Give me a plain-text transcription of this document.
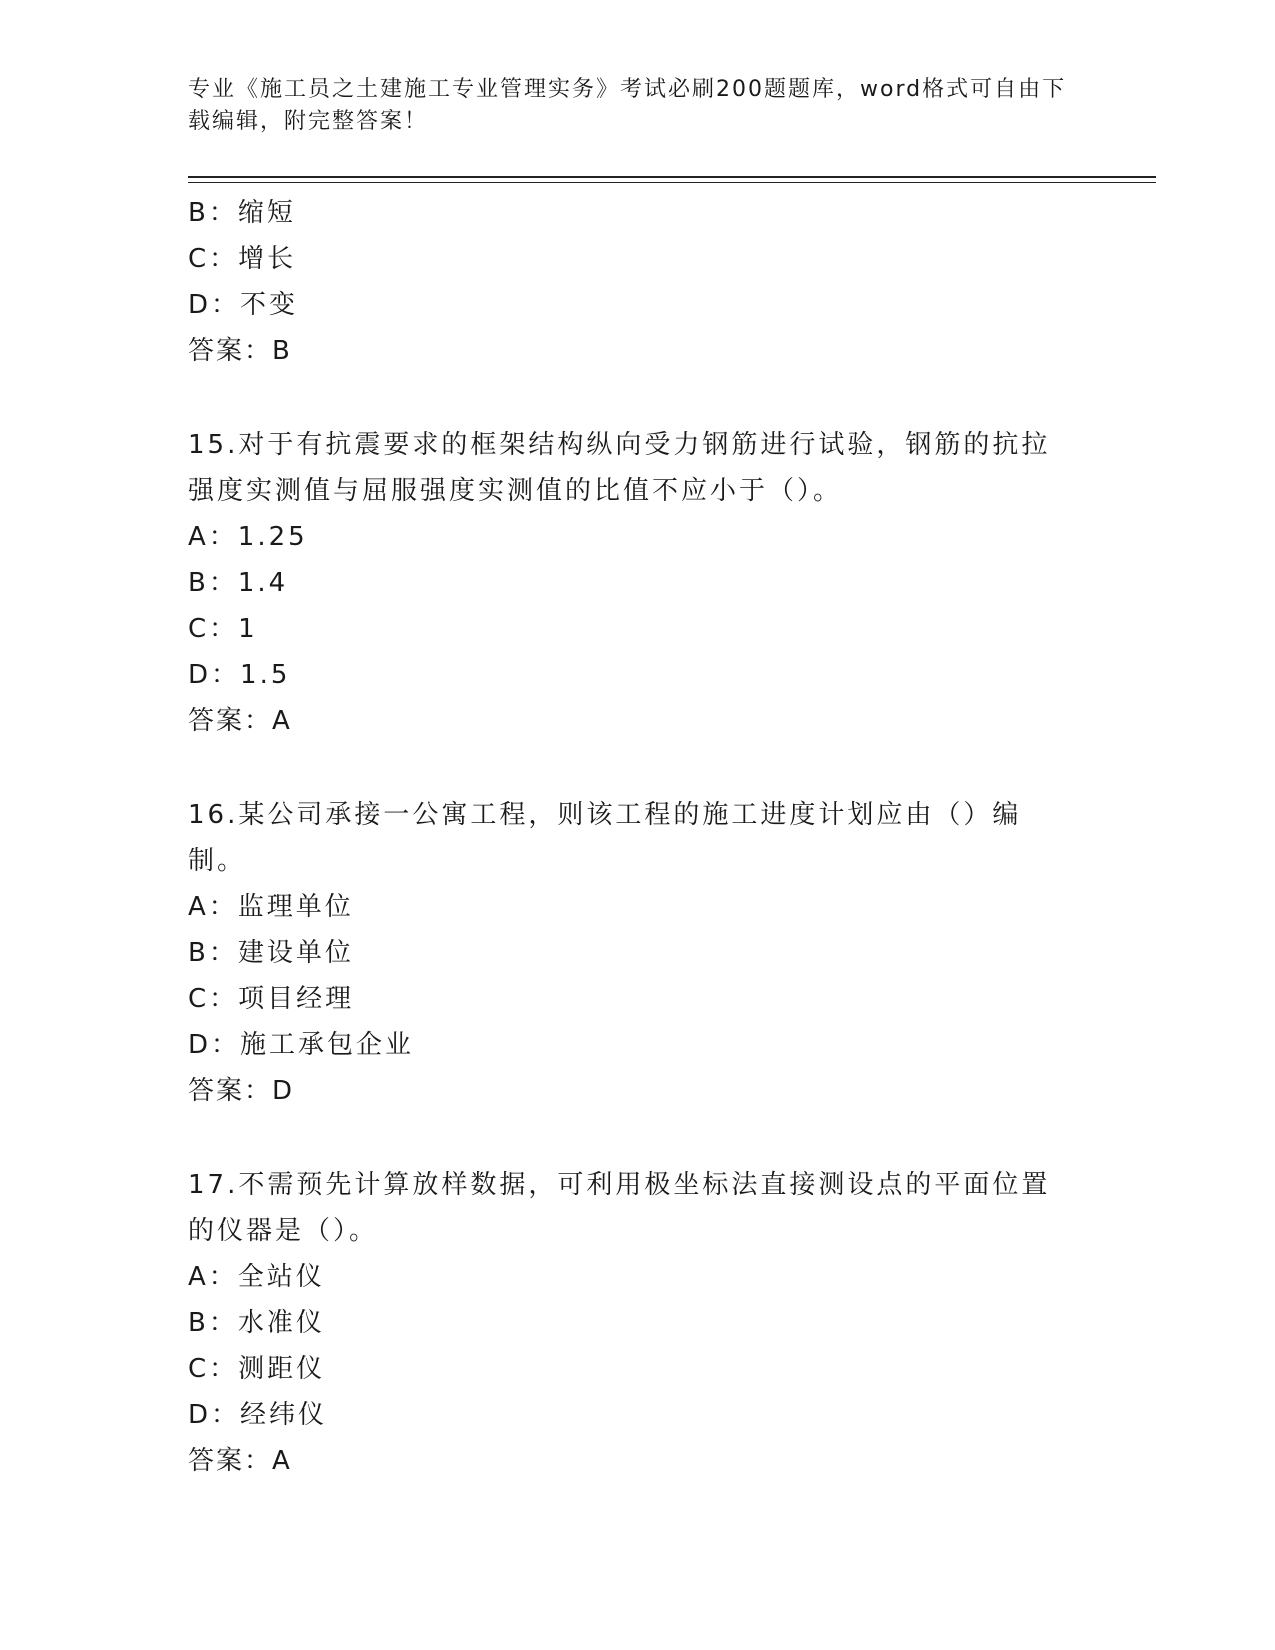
专业《施工员之土建施工专业管理实务》考试必刷200题题库，word格式可自由下载编辑，附完整答案！
B：缩短
C：增长
D：不变
答案：B
15.对于有抗震要求的框架结构纵向受力钢筋进行试验，钢筋的抗拉强度实测值与屈服强度实测值的比值不应小于（）。
A：1.25
B：1.4
C：1
D：1.5
答案：A
16.某公司承接一公寓工程，则该工程的施工进度计划应由（）编制。
A：监理单位
B：建设单位
C：项目经理
D：施工承包企业
答案：D
17.不需预先计算放样数据，可利用极坐标法直接测设点的平面位置的仪器是（）。
A：全站仪
B：水准仪
C：测距仪
D：经纬仪
答案：A
